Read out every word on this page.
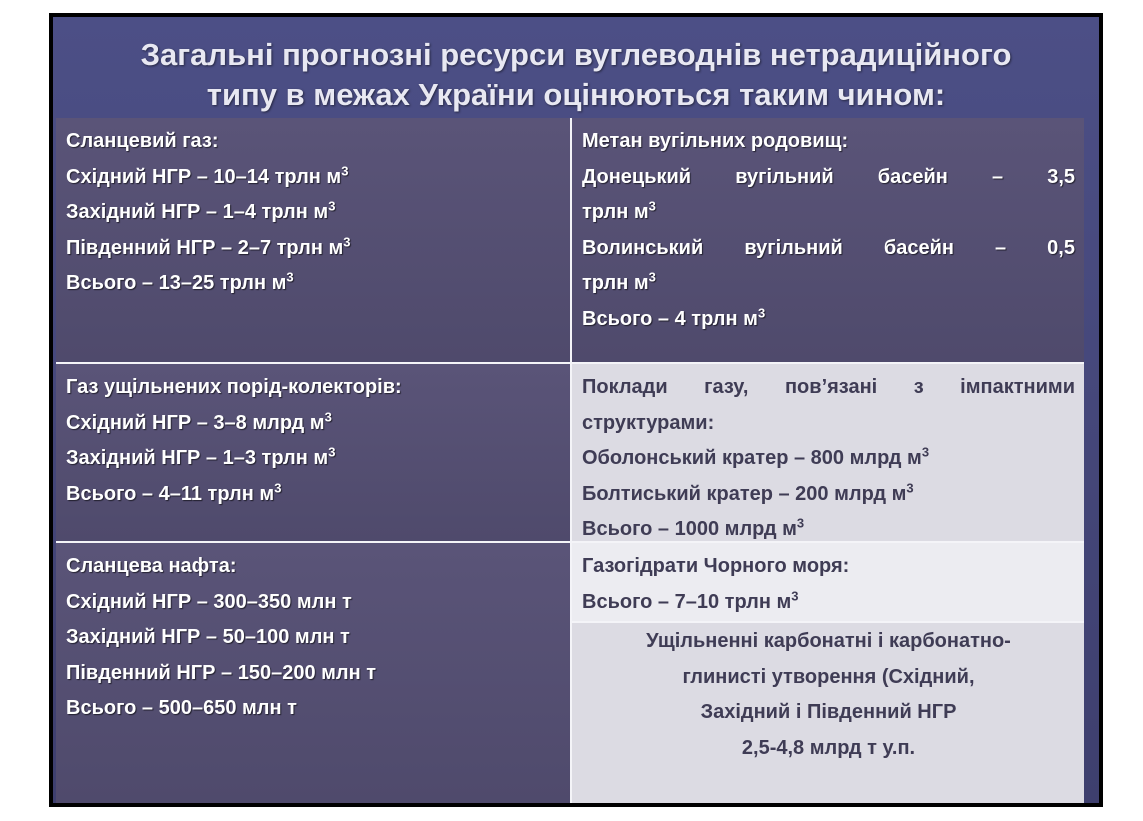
Загальні прогнозні ресурси вуглеводнів нетрадиційного
типу в межах України оцінюються таким чином:
Сланцевий газ:
Східний НГР – 10–14 трлн $м^3$
Західний НГР – 1–4 трлн $м^3$
Південний НГР – 2–7 трлн $м^3$
Всього – 13–25 трлн $м^3$
Метан вугільних родовищ:
Донецький вугільний басейн – 3,5
трлн $м^3$
Волинський вугільний басейн – 0,5
трлн $м^3$
Всього – 4 трлн $м^3$
Газ ущільнених порід-колекторів:
Східний НГР – 3–8 млрд $м^3$
Західний НГР – 1–3 трлн $м^3$
Всього – 4–11 трлн $м^3$
Поклади газу, пов’язані з імпактними
структурами:
Оболонський кратер – 800 млрд $м^3$
Болтиський кратер – 200 млрд $м^3$
Всього – 1000 млрд $м^3$
Сланцева нафта:
Східний НГР – 300–350 млн т
Західний НГР – 50–100 млн т
Південний НГР – 150–200 млн т
Всього – 500–650 млн т
Газогідрати Чорного моря:
Всього – 7–10 трлн $м^3$
Ущільненні карбонатні і карбонатно-
глинисті утворення (Східний,
Західний і Південний НГР
2,5-4,8 млрд т у.п.
